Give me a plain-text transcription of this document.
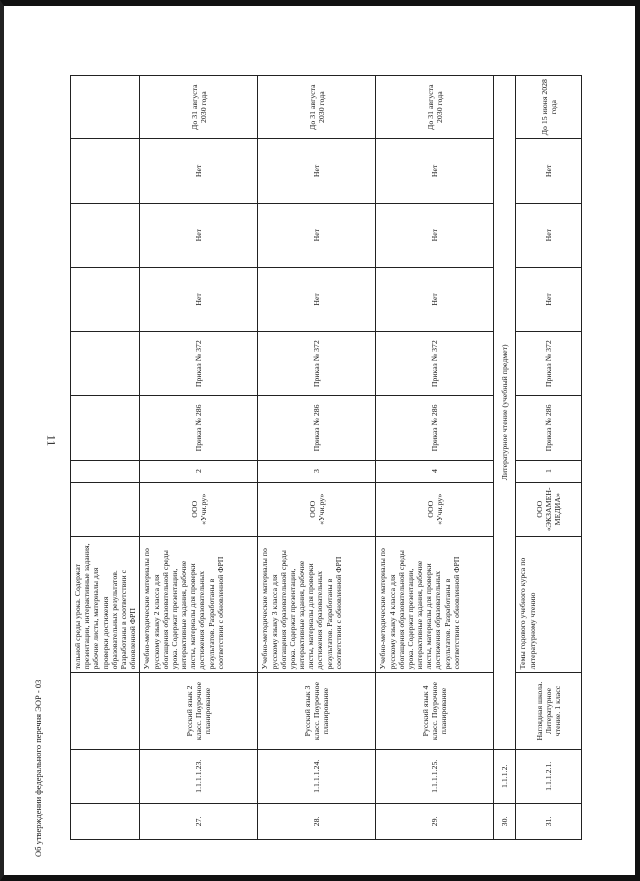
11
			тельной среды урока. Содержат презентации, интерактивные задания, рабочие листы, материалы для проверки достижения образовательных результатов. Разработаны в соответствии с обновленной ФРП								
27.	1.1.1.1.23.	Русский язык 2 класс. Поурочное планирование	Учебно-методические материалы по русскому языку 2 класса для обогащения образовательной среды урока. Содержат презентации, интерактивные задания, рабочие листы, материалы для проверки достижения образовательных результатов. Разработаны в соответствии с обновленной ФРП	ООО «Учи.ру»	2	Приказ № 286	Приказ № 372	Нет	Нет	Нет	До 31 августа 2030 года
28.	1.1.1.1.24.	Русский язык 3 класс. Поурочное планирование	Учебно-методические материалы по русскому языку 3 класса для обогащения образовательной среды урока. Содержат презентации, интерактивные задания, рабочие листы, материалы для проверки достижения образовательных результатов. Разработаны в соответствии с обновленной ФРП	ООО «Учи.ру»	3	Приказ № 286	Приказ № 372	Нет	Нет	Нет	До 31 августа 2030 года
29.	1.1.1.1.25.	Русский язык 4 класс. Поурочное планирование	Учебно-методические материалы по русскому языку 4 класса для обогащения образовательной среды урока. Содержат презентации, интерактивные задания, рабочие листы, материалы для проверки достижения образовательных результатов. Разработаны в соответствии с обновленной ФРП	ООО «Учи.ру»	4	Приказ № 286	Приказ № 372	Нет	Нет	Нет	До 31 августа 2030 года
30.	1.1.1.2.	Литературное чтение (учебный предмет)									
31.	1.1.1.2.1.	Наглядная школа. Литературное чтение. 1 класс	Темы годового учебного курса по литературному чтению	ООО «ЭКЗАМЕН-МЕДИА»	1	Приказ № 286	Приказ № 372	Нет	Нет	Нет	До 15 июня 2028 года
Об утверждении федерального перечня ЭОР - 03
